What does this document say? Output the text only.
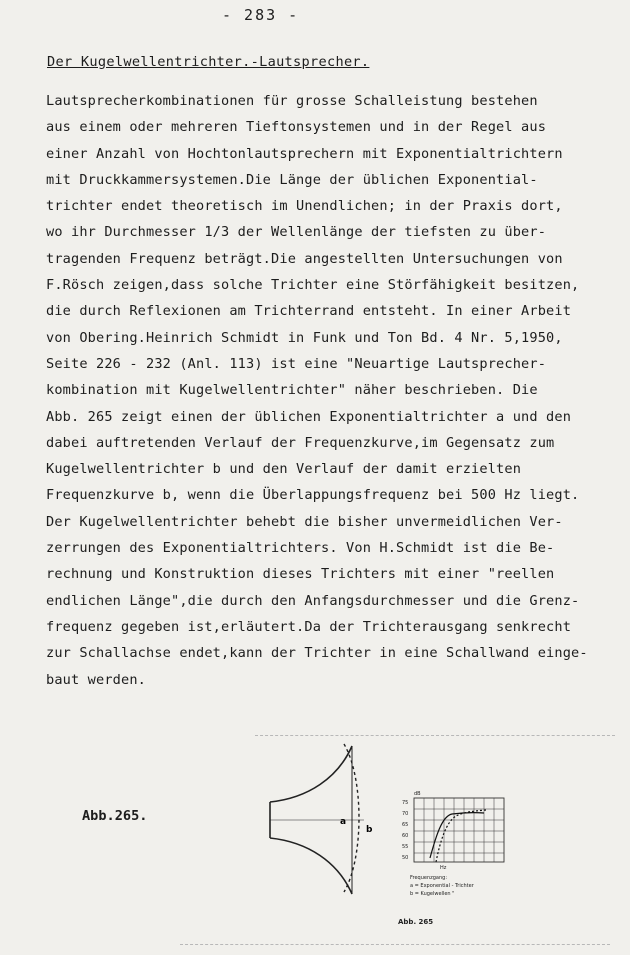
- 283 -
Der Kugelwellentrichter.-Lautsprecher.
Lautsprecherkombinationen für grosse Schalleistung bestehen
aus einem oder mehreren Tieftonsystemen und in der Regel aus
einer Anzahl von Hochtonlautsprechern mit Exponentialtrichtern
mit Druckkammersystemen.Die Länge der üblichen Exponential-
trichter endet theoretisch im Unendlichen; in der Praxis dort,
wo ihr Durchmesser 1/3 der Wellenlänge der tiefsten zu über-
tragenden Frequenz beträgt.Die angestellten Untersuchungen von
F.Rösch zeigen,dass solche Trichter eine Störfähigkeit besitzen,
die durch Reflexionen am Trichterrand entsteht. In einer Arbeit
von Obering.Heinrich Schmidt in Funk und Ton Bd. 4 Nr. 5,1950,
Seite 226 - 232 (Anl. 113) ist eine "Neuartige Lautsprecher-
kombination mit Kugelwellentrichter" näher beschrieben. Die
Abb. 265 zeigt einen der üblichen Exponentialtrichter a und den
dabei auftretenden Verlauf der Frequenzkurve,im Gegensatz zum
Kugelwellentrichter b und den Verlauf der damit erzielten
Frequenzkurve b, wenn die Überlappungsfrequenz bei 500 Hz liegt.
Der Kugelwellentrichter behebt die bisher unvermeidlichen Ver-
zerrungen des Exponentialtrichters. Von H.Schmidt ist die Be-
rechnung und Konstruktion dieses Trichters mit einer "reellen
endlichen Länge",die durch den Anfangsdurchmesser und die Grenz-
frequenz gegeben ist,erläutert.Da der Trichterausgang senkrecht
zur Schallachse endet,kann der Trichter in eine Schallwand einge-
baut werden.
Abb.265.	a
b
dB
75
70
65
60
55
50
Hz
Frequenzgang:
a = Exponential - Trichter
b = Kugelwellen "
Abb. 265
